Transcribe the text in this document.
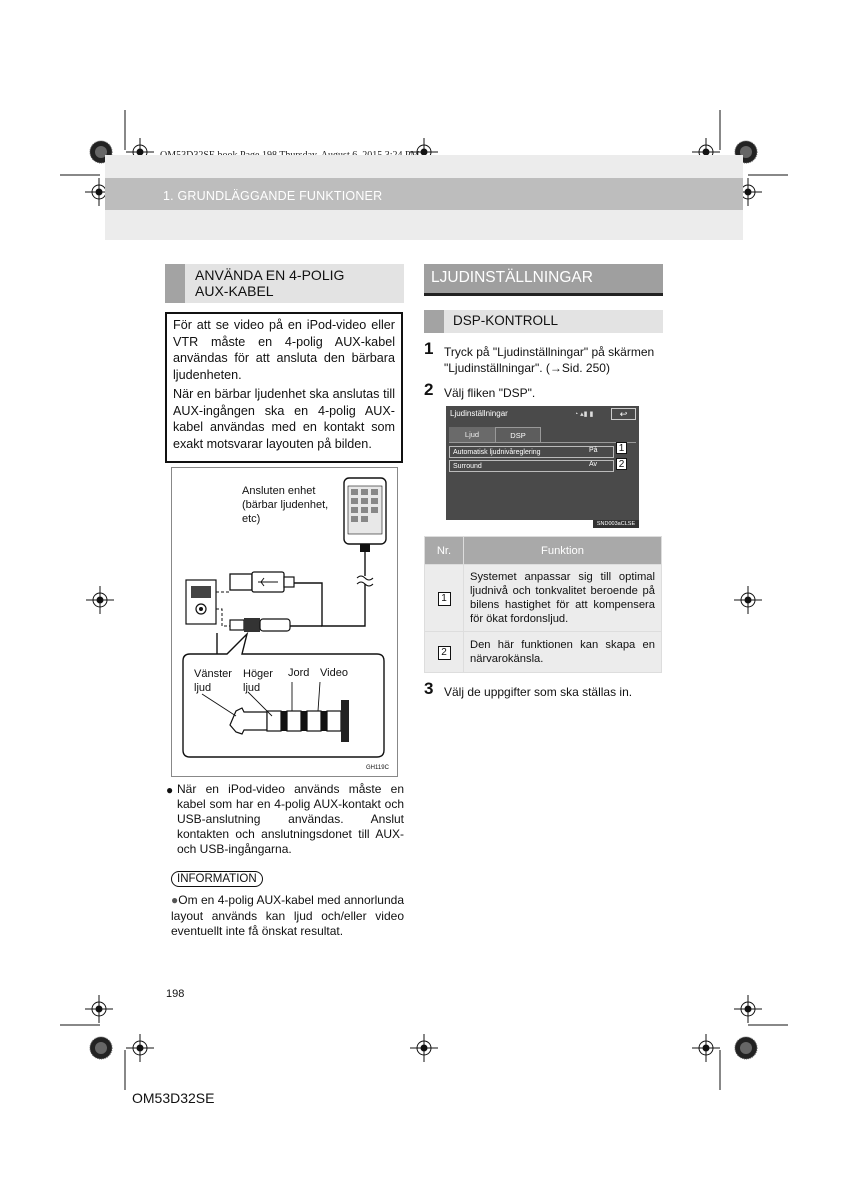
1. GRUNDLÄGGANDE FUNKTIONER
ANVÄNDA EN 4-POLIG
AUX-KABEL

För att se video på en iPod-video eller VTR måste en 4-polig AUX-kabel användas för att ansluta den bärbara ljudenheten.

När en bärbar ljudenhet ska anslutas till AUX-ingången ska en 4-polig AUX-kabel användas med en kontakt som exakt motsvarar layouten på bilden.

Ansluten enhet
(bärbar ljudenhet,
etc)
Vänster
ljud
Höger
ljud
Jord Video
GH119C
● När en iPod-video används måste en kabel som har en 4-polig AUX-kontakt och USB-anslutning användas. Anslut kontakten och anslutningsdonet till AUX- och USB-ingångarna.
INFORMATION
●Om en 4-polig AUX-kabel med annorlunda layout används kan ljud och/eller video eventuellt inte få önskat resultat.
LJUDINSTÄLLNINGAR
DSP-KONTROLL
1 Tryck på "Ljudinställningar" på skärmen "Ljudinställningar". (→Sid. 250)
2 Välj fliken "DSP".
Ljudinställningar	◔ ▴▮ ▮	↩
Ljud	DSP
Automatisk ljudnivåreglering	På 1
Surround	Av 2
SND003aCLSE
Nr.	Funktion
1	Systemet anpassar sig till optimal ljudnivå och tonkvalitet beroende på bilens hastighet för att kompensera för ökat fordonsljud.
2	Den här funktionen kan skapa en närvarokänsla.
3 Välj de uppgifter som ska ställas in.
198
OM53D32SE
